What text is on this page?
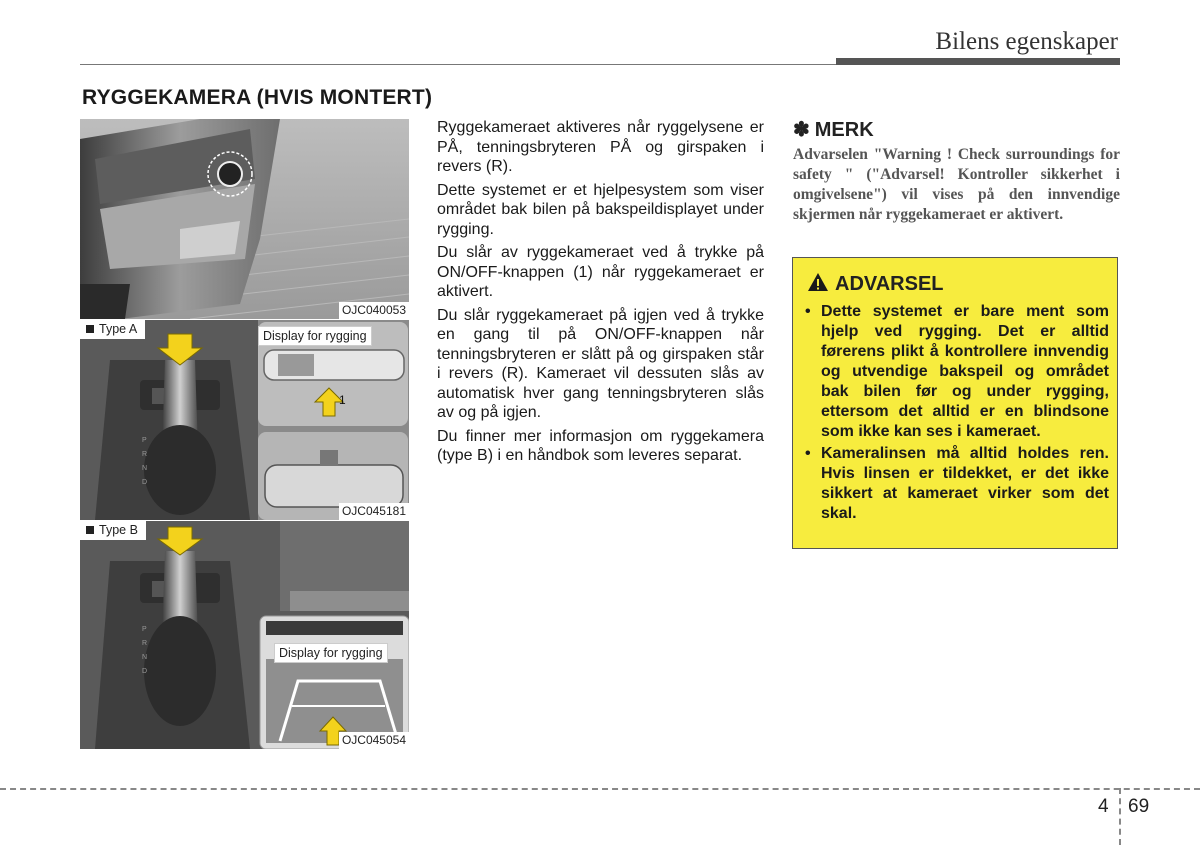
Bilens egenskaper
RYGGEKAMERA (HVIS MONTERT)
OJC040053
P
R
N
D
1
Type A	Display for rygging
OJC045181
P
R
N
D
Type B
Display for rygging
OJC045054

Ryggekameraet aktiveres når ryggelysene er PÅ, tenningsbryteren PÅ og girspaken i revers (R).

Dette systemet er et hjelpesystem som viser området bak bilen på bakspeildisplayet under rygging.

Du slår av ryggekameraet ved å trykke på ON/OFF-knappen (1) når ryggekameraet er aktivert.

Du slår ryggekameraet på igjen ved å trykke en gang til på ON/OFF-knappen når tenningsbryteren er slått på og girspaken står i revers (R). Kameraet vil dessuten slås av automatisk hver gang tenningsbryteren slås av og på igjen.

Du finner mer informasjon om ryggekamera (type B) i en håndbok som leveres separat.

✽ MERK
Advarselen "Warning ! Check surroundings for safety " ("Advarsel! Kontroller sikkerhet i omgivelsene") vil vises på den innvendige skjermen når ryggekameraet er aktivert.
ADVARSEL
• Dette systemet er bare ment som hjelp ved rygging. Det er alltid førerens plikt å kontrollere innvendig og utvendige bakspeil og området bak bilen før og under rygging, ettersom det alltid er en blindsone som ikke kan ses i kameraet.
• Kameralinsen må alltid holdes ren. Hvis linsen er tildekket, er det ikke sikkert at kameraet virker som det skal.
4 69
